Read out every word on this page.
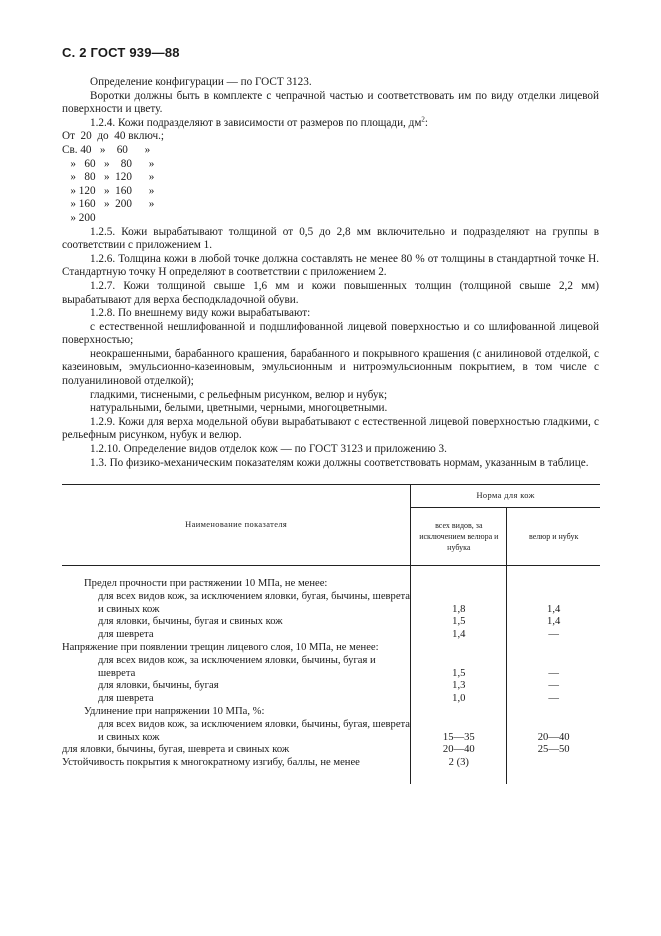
С. 2 ГОСТ 939—88

Определение конфигурации — по ГОСТ 3123.

Воротки должны быть в комплекте с чепрачной частью и соответствовать им по виду отделки лицевой поверхности и цвету.

1.2.4. Кожи подразделяют в зависимости от размеров по площади, $дм^2$:

От  20  до  40 включ.;
Св. 40   »    60      »
»   60   »    80      »
»   80   »  120      »
» 120   »  160      »
» 160   »  200      »
» 200

1.2.5. Кожи вырабатывают толщиной от 0,5 до 2,8 мм включительно и подразделяют на группы в соответствии с приложением 1.

1.2.6. Толщина кожи в любой точке должна составлять не менее 80 % от толщины в стандартной точке Н. Стандартную точку Н определяют в соответствии с приложением 2.

1.2.7. Кожи толщиной свыше 1,6 мм и кожи повышенных толщин (толщиной свыше 2,2 мм) вырабатывают для верха бесподкладочной обуви.

1.2.8. По внешнему виду кожи вырабатывают:

с естественной нешлифованной и подшлифованной лицевой поверхностью и со шлифованной лицевой поверхностью;

неокрашенными, барабанного крашения, барабанного и покрывного крашения (с анилиновой отделкой, с казеиновым, эмульсионно-казеиновым, эмульсионным и нитроэмульсионным покрытием, в том числе с полуанилиновой отделкой);

гладкими, тиснеными, с рельефным рисунком, велюр и нубук;

натуральными, белыми, цветными, черными, многоцветными.

1.2.9. Кожи для верха модельной обуви вырабатывают с естественной лицевой поверхностью гладкими, с рельефным рисунком, нубук и велюр.

1.2.10. Определение видов отделок кож — по ГОСТ 3123 и приложению 3.

1.3. По физико-механическим показателям кожи должны соответствовать нормам, указанным в таблице.

Наименование показателя	Норма для кож	
	всех видов, за исключением велюра и нубука	велюр и нубук

Предел прочности при растяжении 10 МПа, не менее:		
для всех видов кож, за исключением яловки, бугая, бычины, шеврета и свиных кож	1,8	1,4
для яловки, бычины, бугая и свиных кож	1,5	1,4
для шеврета	1,4	—
Напряжение при появлении трещин лицевого слоя, 10 МПа, не менее:		
для всех видов кож, за исключением яловки, бычины, бугая и шеврета	1,5	—
для яловки, бычины, бугая	1,3	—
для шеврета	1,0	—
Удлинение при напряжении 10 МПа, %:		
для всех видов кож, за исключением яловки, бычины, бугая, шеврета и свиных кож	15—35	20—40
для яловки, бычины, бугая, шеврета и свиных кож	20—40	25—50
Устойчивость покрытия к многократному изгибу, баллы, не менее	2 (3)	
